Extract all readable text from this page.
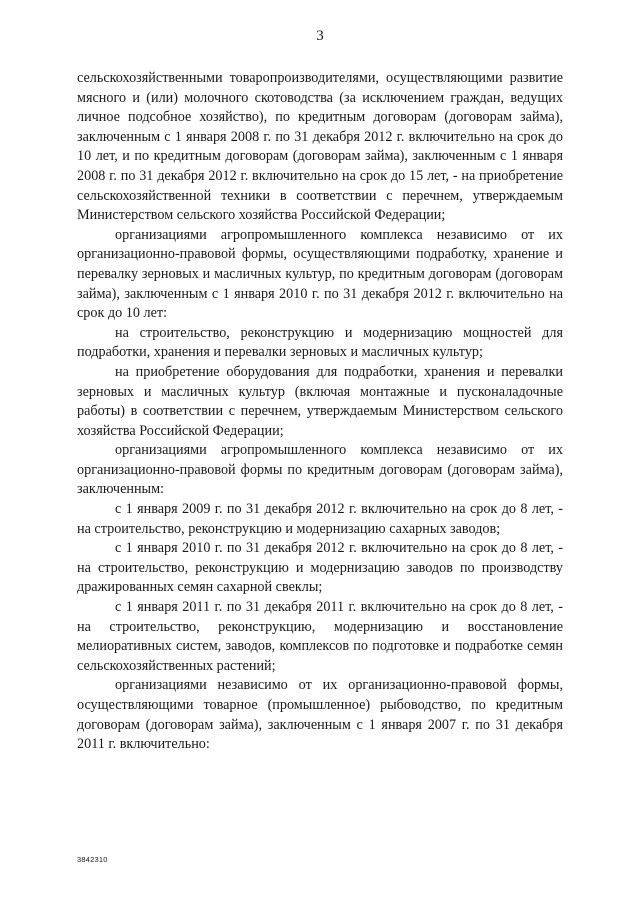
3

сельскохозяйственными товаропроизводителями, осуществляющими развитие мясного и (или) молочного скотоводства (за исключением граждан, ведущих личное подсобное хозяйство), по кредитным договорам (договорам займа), заключенным с 1 января 2008 г. по 31 декабря 2012 г. включительно на срок до 10 лет, и по кредитным договорам (договорам займа), заключенным с 1 января 2008 г. по 31 декабря 2012 г. включительно на срок до 15 лет, - на приобретение сельскохозяйственной техники в соответствии с перечнем, утверждаемым Министерством сельского хозяйства Российской Федерации;

организациями агропромышленного комплекса независимо от их организационно-правовой формы, осуществляющими подработку, хранение и перевалку зерновых и масличных культур, по кредитным договорам (договорам займа), заключенным с 1 января 2010 г. по 31 декабря 2012 г. включительно на срок до 10 лет:

на строительство, реконструкцию и модернизацию мощностей для подработки, хранения и перевалки зерновых и масличных культур;

на приобретение оборудования для подработки, хранения и перевалки зерновых и масличных культур (включая монтажные и пусконаладочные работы) в соответствии с перечнем, утверждаемым Министерством сельского хозяйства Российской Федерации;

организациями агропромышленного комплекса независимо от их организационно-правовой формы по кредитным договорам (договорам займа), заключенным:

с 1 января 2009 г. по 31 декабря 2012 г. включительно на срок до 8 лет, - на строительство, реконструкцию и модернизацию сахарных заводов;

с 1 января 2010 г. по 31 декабря 2012 г. включительно на срок до 8 лет, - на строительство, реконструкцию и модернизацию заводов по производству дражированных семян сахарной свеклы;

с 1 января 2011 г. по 31 декабря 2011 г. включительно на срок до 8 лет, - на строительство, реконструкцию, модернизацию и восстановление мелиоративных систем, заводов, комплексов по подготовке и подработке семян сельскохозяйственных растений;

организациями независимо от их организационно-правовой формы, осуществляющими товарное (промышленное) рыбоводство, по кредитным договорам (договорам займа), заключенным с 1 января 2007 г. по 31 декабря 2011 г. включительно:

3842310
